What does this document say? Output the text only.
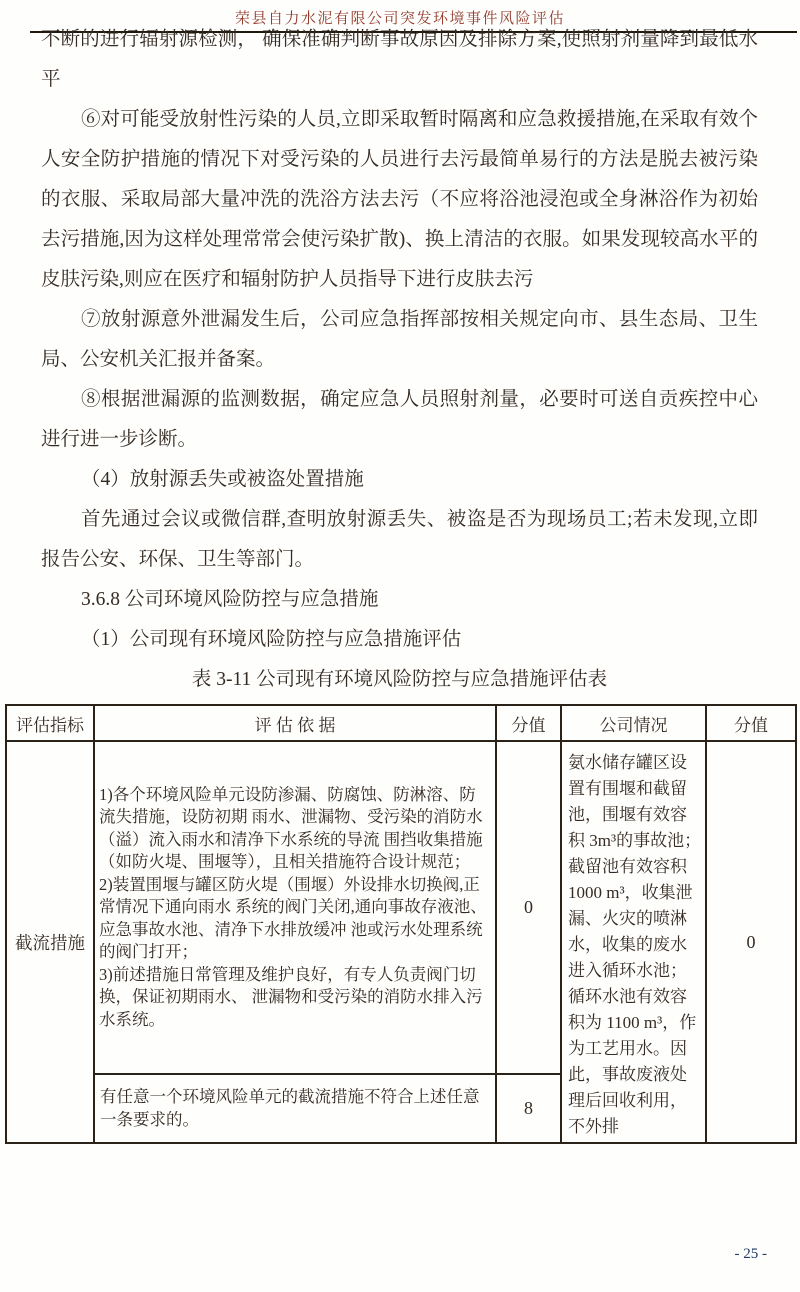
荣县自力水泥有限公司突发环境事件风险评估

不断的进行辐射源检测， 确保准确判断事故原因及排除方案,使照射剂量降到最低水平

⑥对可能受放射性污染的人员,立即采取暂时隔离和应急救援措施,在采取有效个人安全防护措施的情况下对受污染的人员进行去污最简单易行的方法是脱去被污染的衣服、采取局部大量冲洗的洗浴方法去污（不应将浴池浸泡或全身淋浴作为初始去污措施,因为这样处理常常会使污染扩散)、换上清洁的衣服。如果发现较高水平的皮肤污染,则应在医疗和辐射防护人员指导下进行皮肤去污

⑦放射源意外泄漏发生后，公司应急指挥部按相关规定向市、县生态局、卫生局、公安机关汇报并备案。

⑧根据泄漏源的监测数据，确定应急人员照射剂量，必要时可送自贡疾控中心进行进一步诊断。

（4）放射源丢失或被盗处置措施

首先通过会议或微信群,查明放射源丢失、被盗是否为现场员工;若未发现,立即报告公安、环保、卫生等部门。

3.6.8 公司环境风险防控与应急措施

（1）公司现有环境风险防控与应急措施评估

表 3-11 公司现有环境风险防控与应急措施评估表

评估指标	评 估 依 据	分值	公司情况	分值
截流措施	1)各个环境风险单元设防渗漏、防腐蚀、防淋溶、防流失措施，设防初期 雨水、泄漏物、受污染的消防水（溢）流入雨水和清净下水系统的导流 围挡收集措施（如防火堤、围堰等），且相关措施符合设计规范；
2)装置围堰与罐区防火堤（围堰）外设排水切换阀,正常情况下通向雨水 系统的阀门关闭,通向事故存液池、应急事故水池、清净下水排放缓冲 池或污水处理系统的阀门打开；
3)前述措施日常管理及维护良好，有专人负责阀门切换，保证初期雨水、 泄漏物和受污染的消防水排入污水系统。	0	氨水储存罐区设置有围堰和截留池，围堰有效容积 3m³的事故池；截留池有效容积 1000 m³，收集泄漏、火灾的喷淋水，收集的废水进入循环水池；循环水池有效容积为 1100 m³，作为工艺用水。因此，事故废液处理后回收利用，不外排	0
	有任意一个环境风险单元的截流措施不符合上述任意一条要求的。	8		
- 25 -
